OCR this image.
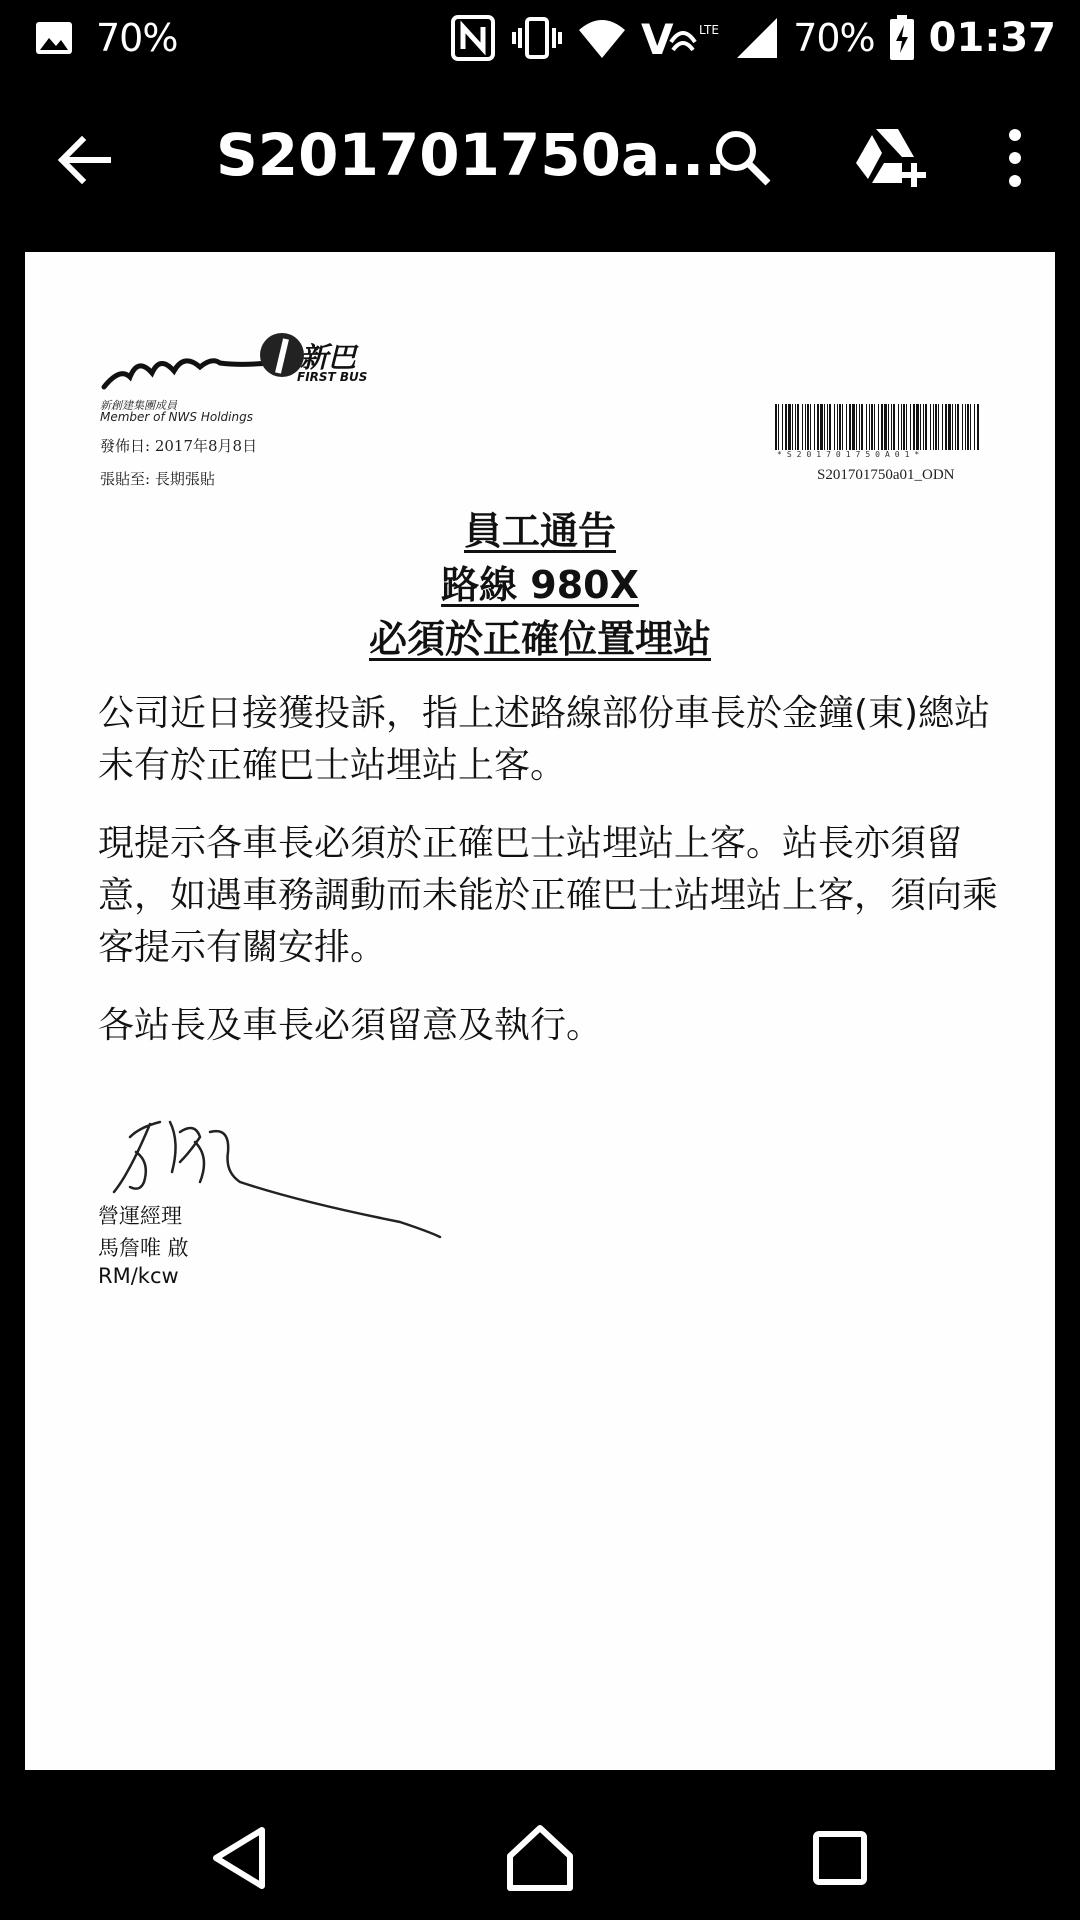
70%	V LTE 70% 01:37
S201701750a...
新巴
FIRST BUS
新創建集團成員
Member of NWS Holdings
發佈日: 2017年8月8日
張貼至: 長期張貼
*S201701750A01*
S201701750a01_ODN
員工通告
路線 980X
必須於正確位置埋站
公司近日接獲投訴，指上述路線部份車長於金鐘(東)總站未有於正確巴士站埋站上客。
現提示各車長必須於正確巴士站埋站上客。站長亦須留意，如遇車務調動而未能於正確巴士站埋站上客，須向乘客提示有關安排。
各站長及車長必須留意及執行。
營運經理
馬詹唯 啟
RM/kcw
